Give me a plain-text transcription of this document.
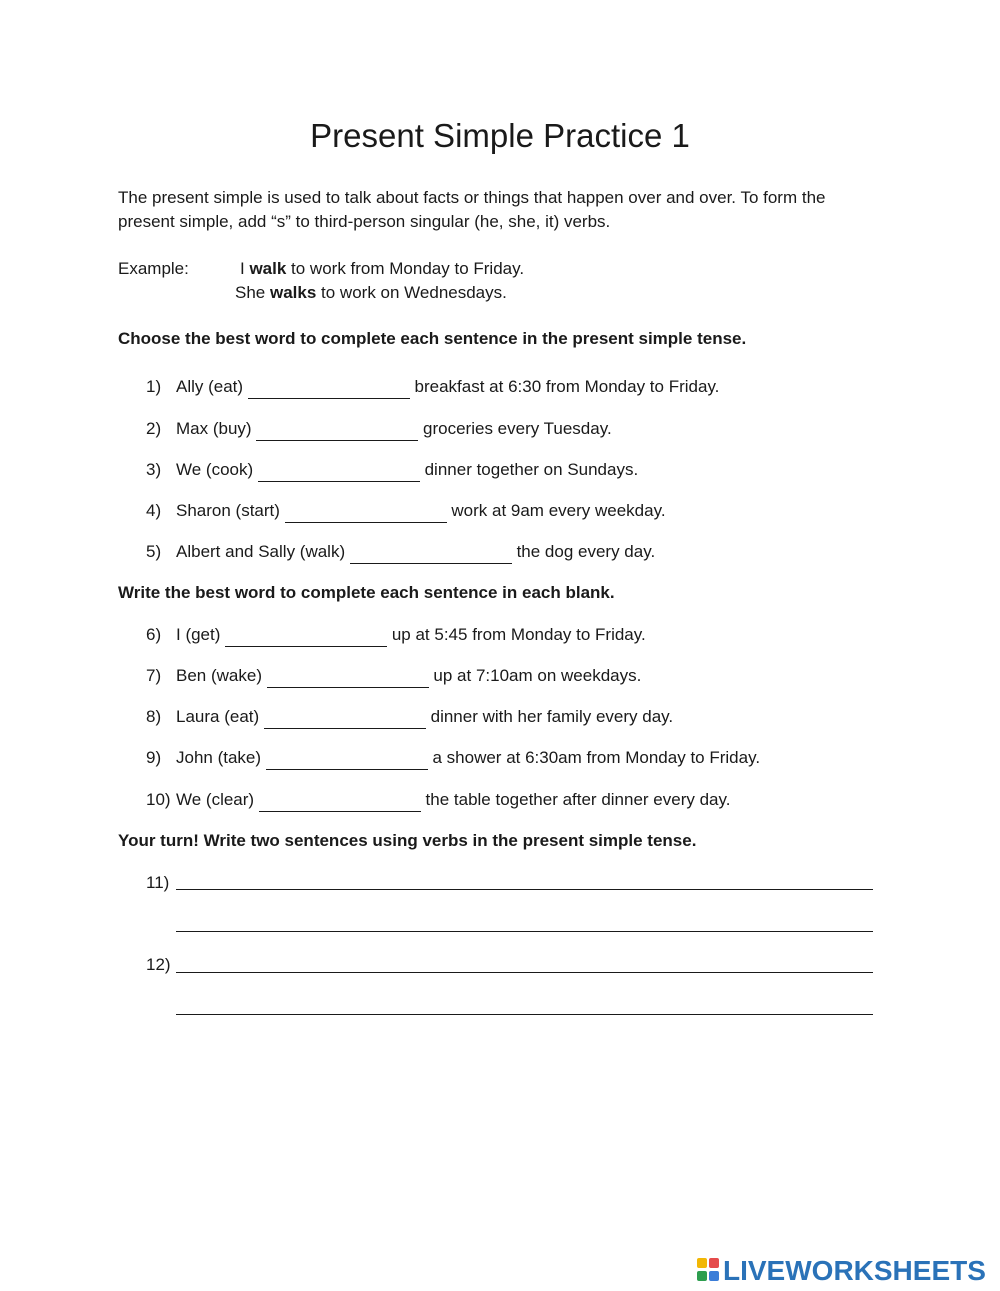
Present Simple Practice 1

The present simple is used to talk about facts or things that happen over and over. To form the

present simple, add “s” to third-person singular (he, she, it) verbs.

Example:	I walk to work from Monday to Friday.
She walks to work on Wednesdays.
Choose the best word to complete each sentence in the present simple tense.
1) Ally (eat)	breakfast at 6:30 from Monday to Friday.
2) Max (buy)	groceries every Tuesday.
3) We (cook)	dinner together on Sundays.
4) Sharon (start)	work at 9am every weekday.
5) Albert and Sally (walk)	the dog every day.
Write the best word to complete each sentence in each blank.
6) I (get)	up at 5:45 from Monday to Friday.
7) Ben (wake)	up at 7:10am on weekdays.
8) Laura (eat)	dinner with her family every day.
9) John (take)	a shower at 6:30am from Monday to Friday.
10) We (clear)	the table together after dinner every day.
Your turn! Write two sentences using verbs in the present simple tense.
11)
12)
LIVEWORKSHEETS
